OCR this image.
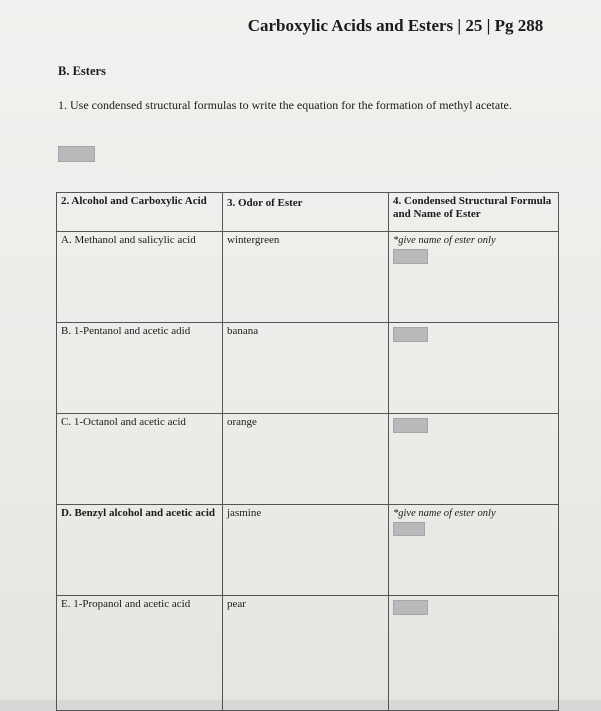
Carboxylic Acids and Esters | 25 | Pg 288
B. Esters
1. Use condensed structural formulas to write the equation for the formation of methyl acetate.
2. Alcohol and Carboxylic Acid	3. Odor of Ester	4. Condensed Structural Formula and Name of Ester
A. Methanol and salicylic acid	wintergreen	*give name of ester only

B. 1-Pentanol and acetic adid	banana	

C. 1-Octanol and acetic acid	orange	

D. Benzyl alcohol and acetic acid	jasmine	*give name of ester only

E. 1-Propanol and acetic acid	pear	
